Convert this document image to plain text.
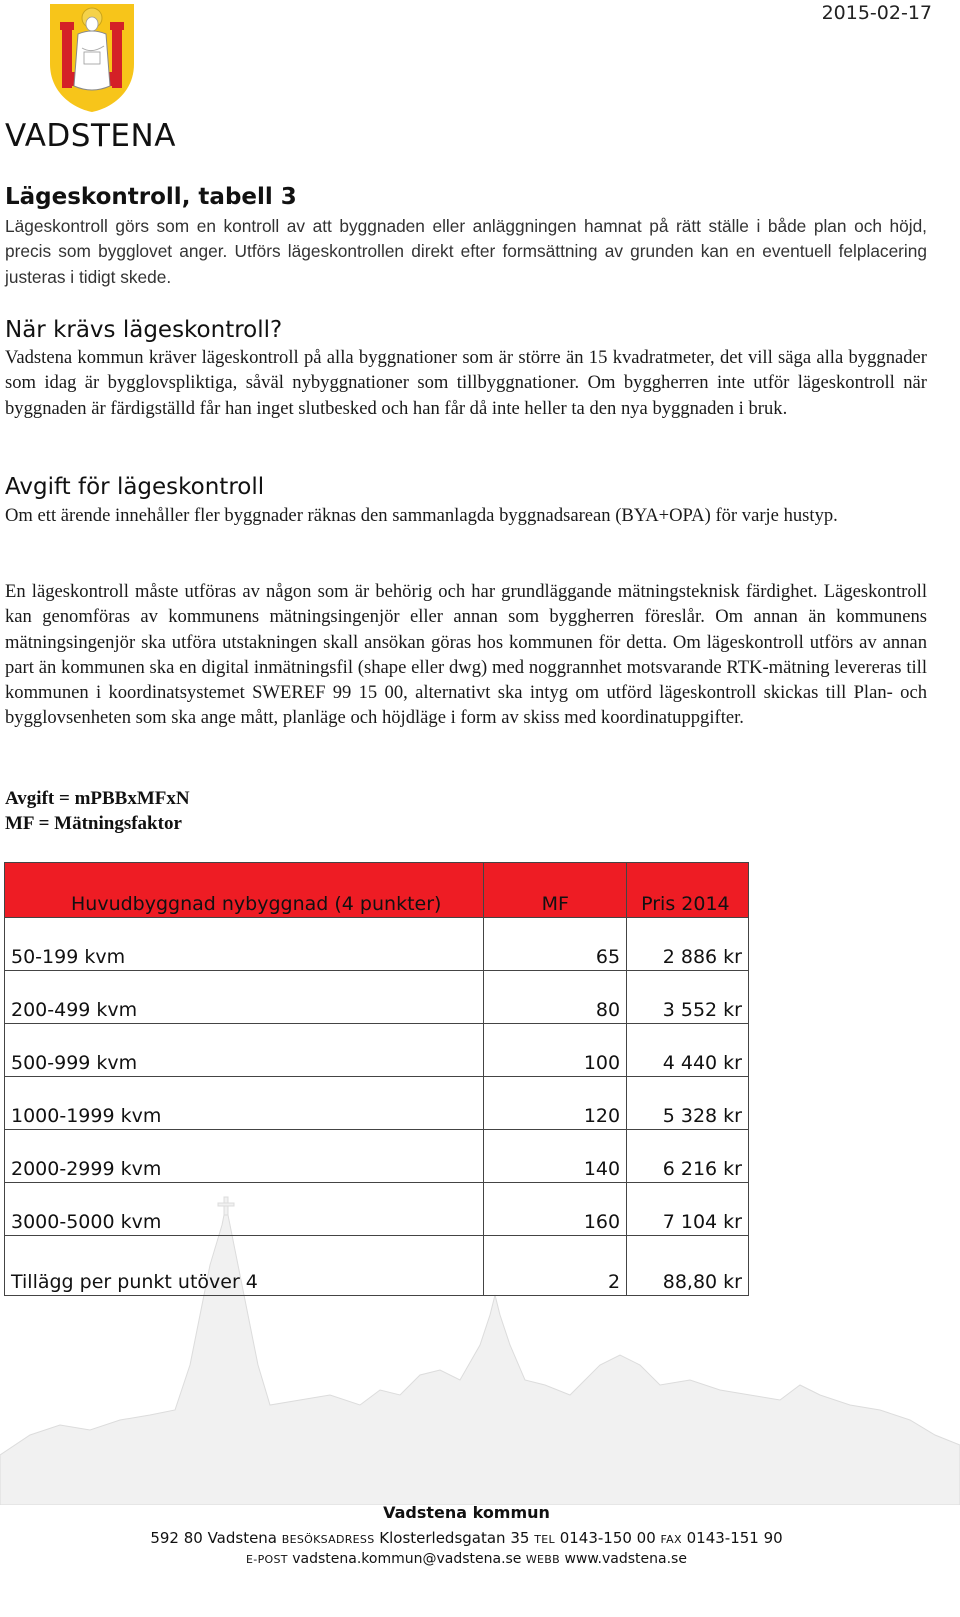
2015-02-17
VADSTENA
Lägeskontroll, tabell 3
Lägeskontroll görs som en kontroll av att byggnaden eller anläggningen hamnat på rätt ställe i både plan och höjd, precis som bygglovet anger. Utförs lägeskontrollen direkt efter formsättning av grunden kan en eventuell felplacering justeras i tidigt skede.
När krävs lägeskontroll?
Vadstena kommun kräver lägeskontroll på alla byggnationer som är större än 15 kvadratmeter, det vill säga alla byggnader som idag är bygglovspliktiga, såväl nybyggnationer som tillbyggnationer. Om byggherren inte utför lägeskontroll när byggnaden är färdigställd får han inget slutbesked och han får då inte heller ta den nya byggnaden i bruk.
Avgift för lägeskontroll
Om ett ärende innehåller fler byggnader räknas den sammanlagda byggnadsarean (BYA+OPA) för varje hustyp.
En lägeskontroll måste utföras av någon som är behörig och har grundläggande mätningsteknisk färdighet. Lägeskontroll kan genomföras av kommunens mätningsingenjör eller annan som byggherren föreslår. Om annan än kommunens mätningsingenjör ska utföra utstakningen skall ansökan göras hos kommunen för detta. Om lägeskontroll utförs av annan part än kommunen ska en digital inmätningsfil (shape eller dwg) med noggrannhet motsvarande RTK-mätning levereras till kommunen i koordinatsystemet SWEREF 99 15 00, alternativt ska intyg om utförd lägeskontroll skickas till Plan- och bygglovsenheten som ska ange mått, planläge och höjdläge i form av skiss med koordinatuppgifter.
Avgift = mPBBxMFxN
MF = Mätningsfaktor
Huvudbyggnad nybyggnad (4 punkter)	MF	Pris 2014
50-199 kvm	65	2 886 kr
200-499 kvm	80	3 552 kr
500-999 kvm	100	4 440 kr
1000-1999 kvm	120	5 328 kr
2000-2999 kvm	140	6 216 kr
3000-5000 kvm	160	7 104 kr
Tillägg per punkt utöver 4	2	88,80 kr
Vadstena kommun
592 80 Vadstena BESÖKSADRESS Klosterledsgatan 35 TEL 0143-150 00 FAX 0143-151 90
E-POST vadstena.kommun@vadstena.se WEBB www.vadstena.se
